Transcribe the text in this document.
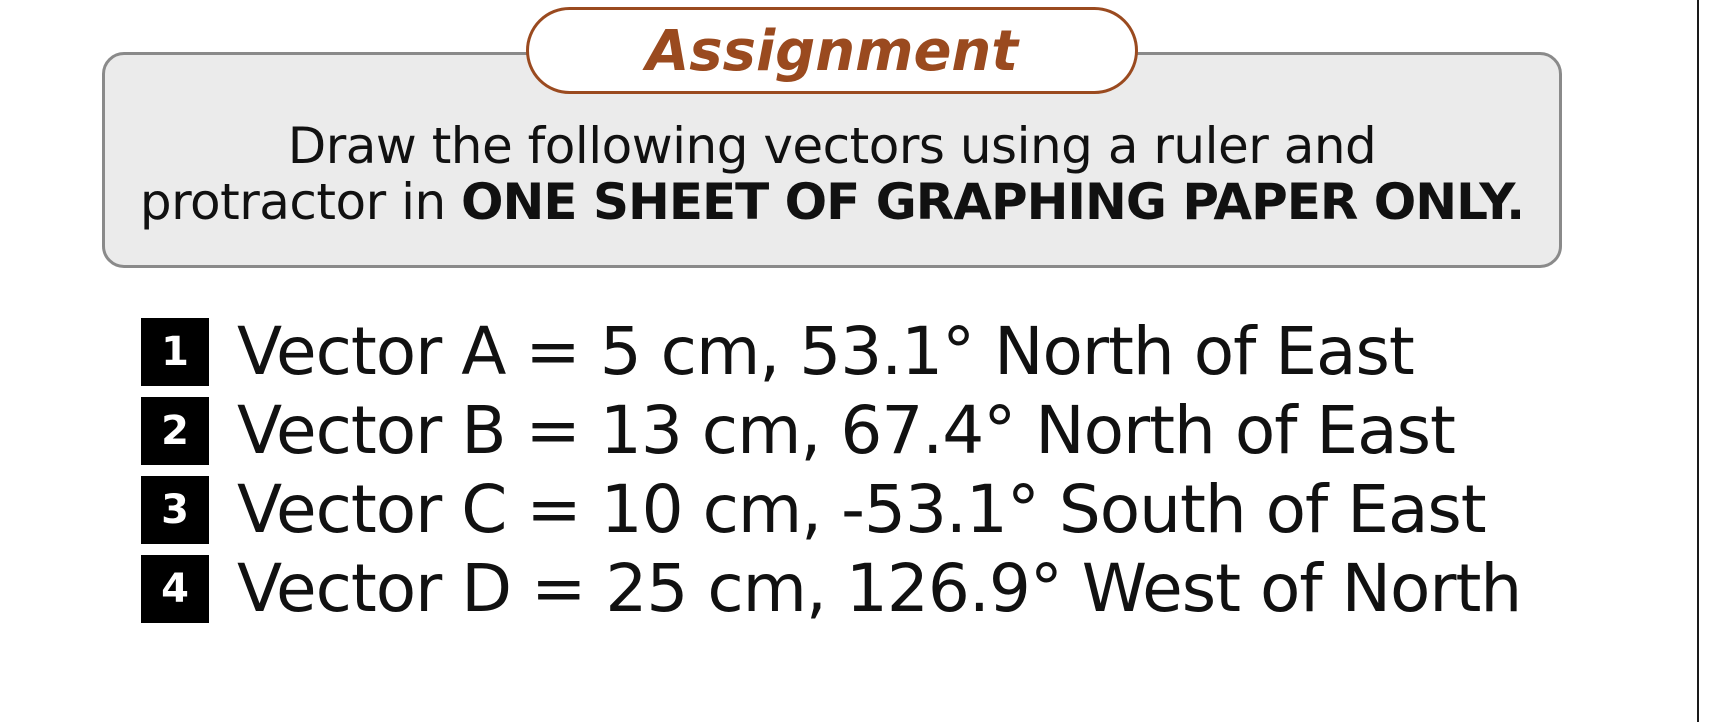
Assignment
Draw the following vectors using a ruler and
protractor in ONE SHEET OF GRAPHING PAPER ONLY.
1 Vector A = 5 cm, 53.1° North of East
2 Vector B = 13 cm, 67.4° North of East
3 Vector C = 10 cm, -53.1° South of East
4 Vector D = 25 cm, 126.9° West of North
